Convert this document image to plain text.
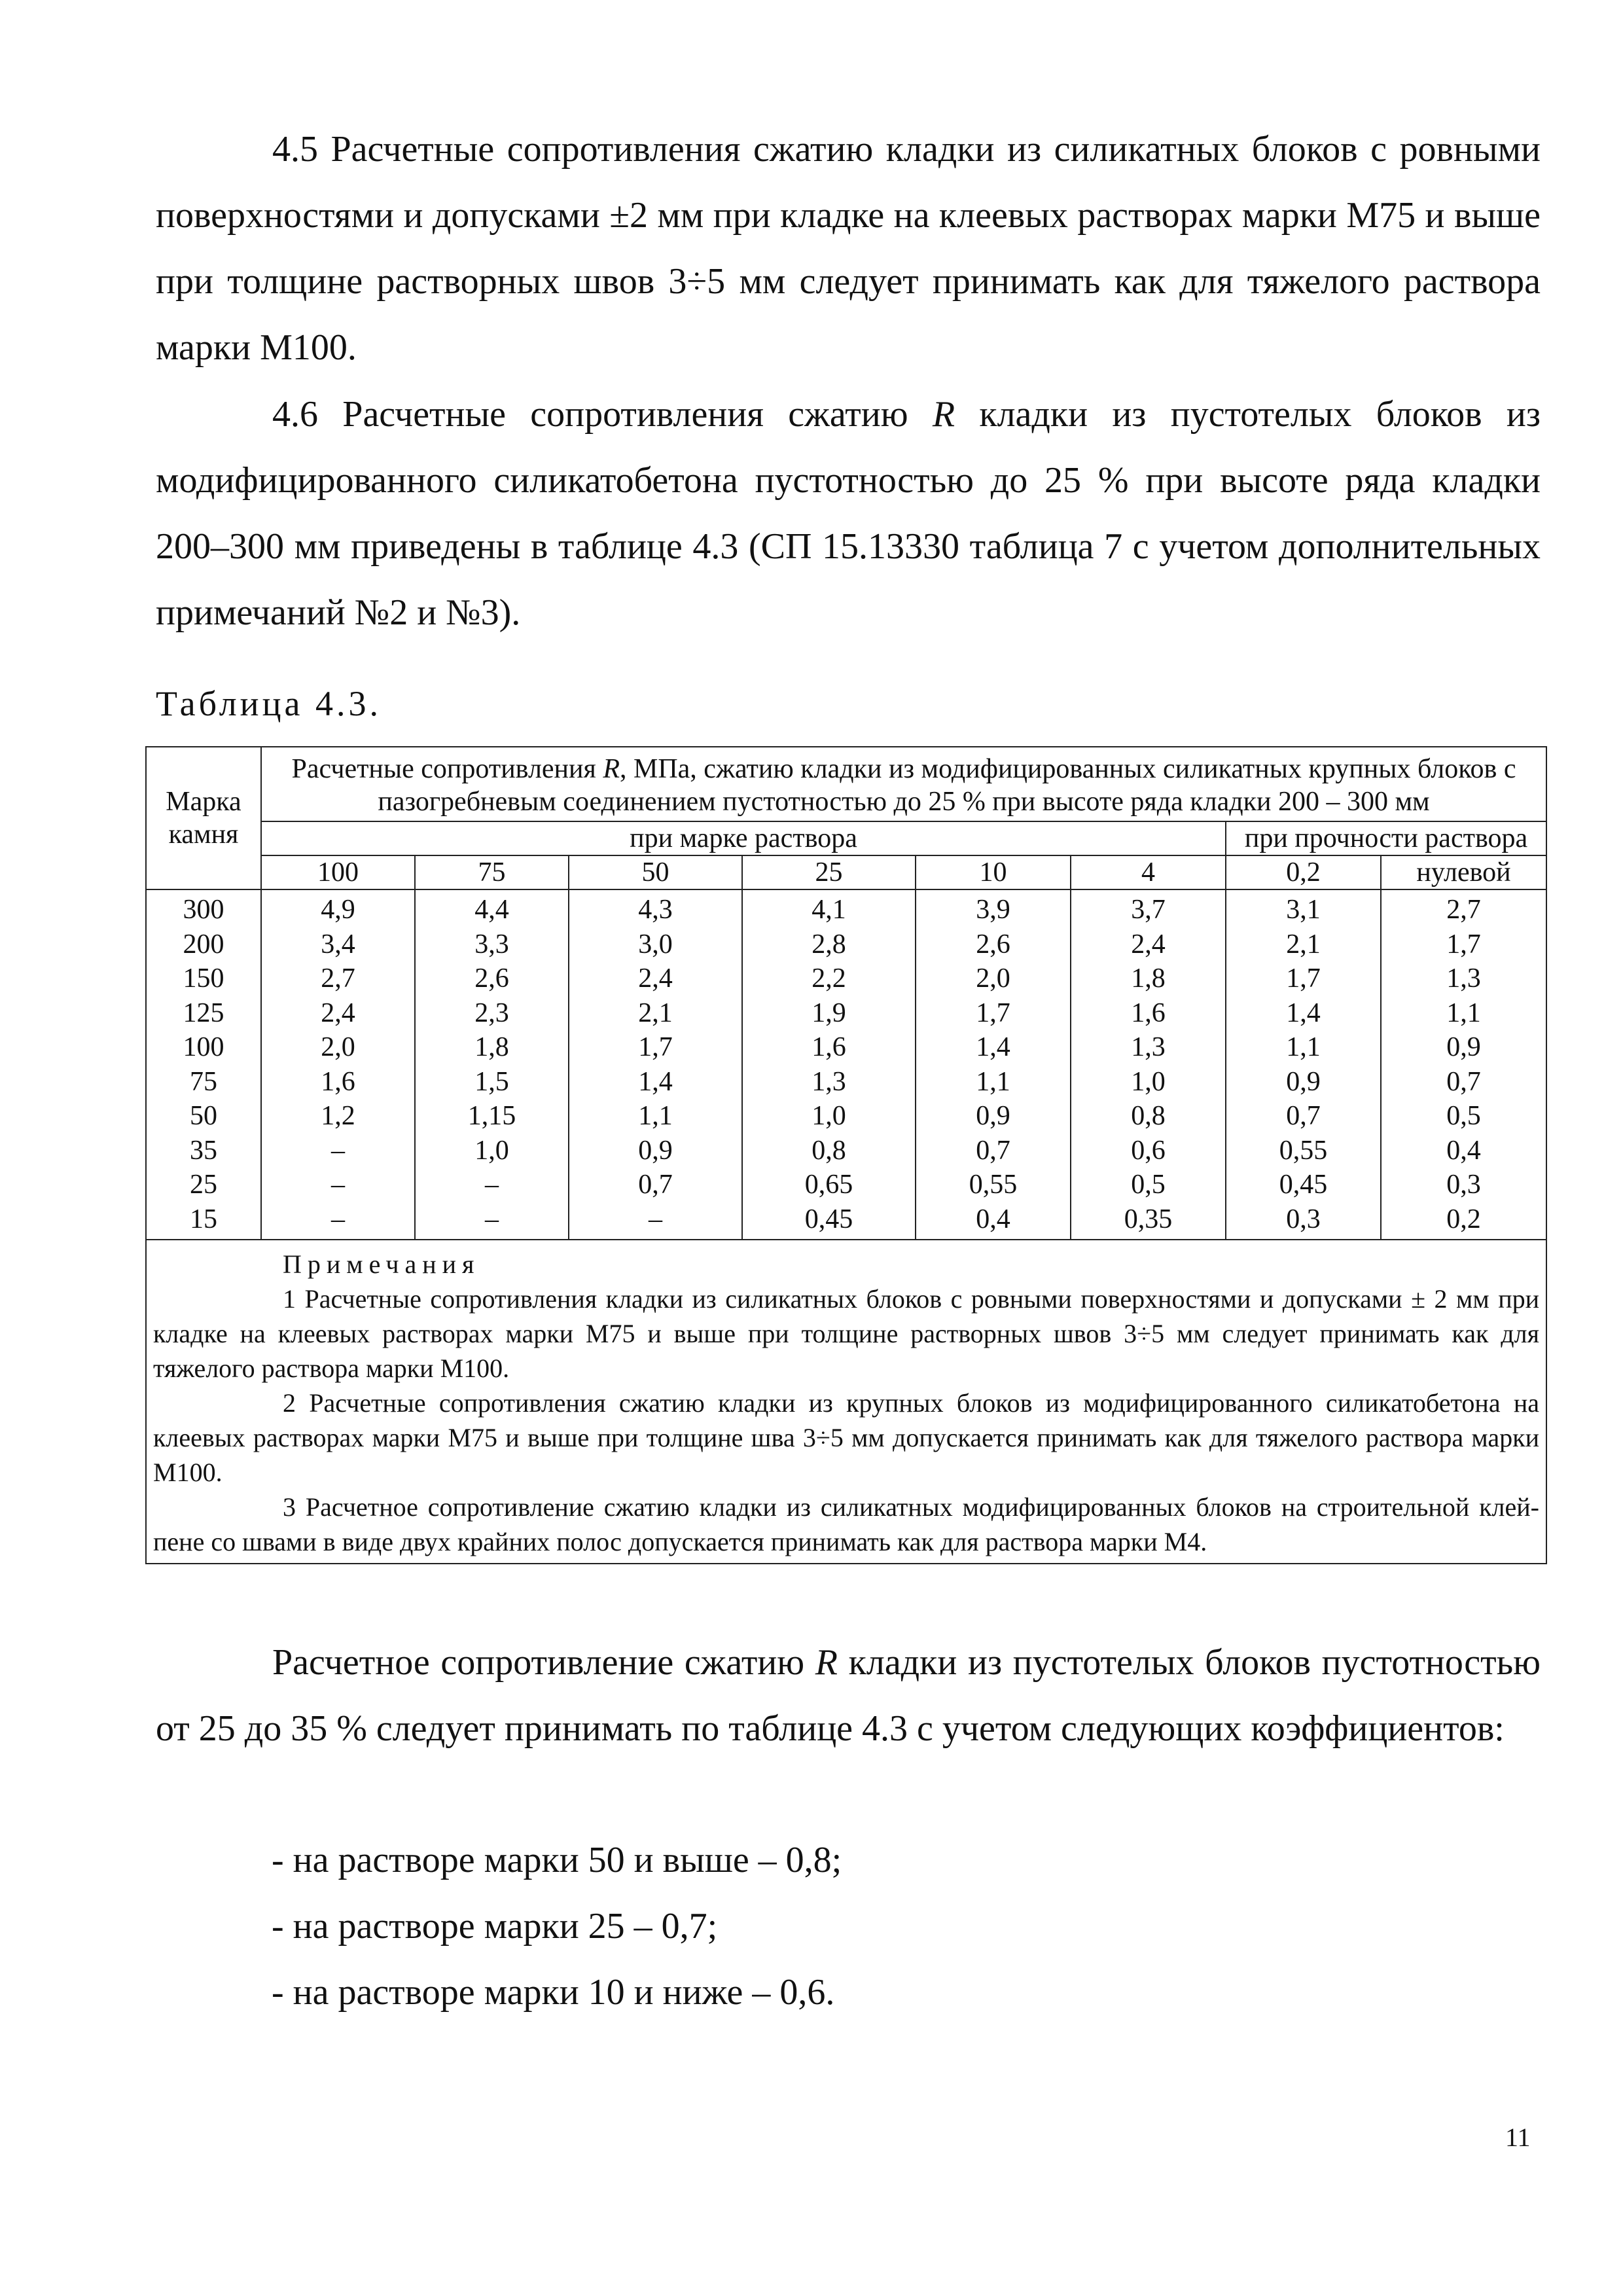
4.5 Расчетные сопротивления сжатию кладки из силикатных блоков с ровными поверхностями и допусками ±2 мм при кладке на клеевых растворах марки М75 и выше при толщине растворных швов 3÷5 мм следует принимать как для тяжелого раствора марки М100.

4.6 Расчетные сопротивления сжатию R кладки из пустотелых блоков из модифицированного силикатобетона пустотностью до 25 % при высоте ряда кладки 200–300 мм приведены в таблице 4.3 (СП 15.13330 таблица 7 с учетом дополнительных примечаний №2 и №3).

Таблица 4.3.

Марка камня	Расчетные сопротивления R, МПа, сжатию кладки из модифицированных силикатных крупных блоков с пазогребневым соединением пустотностью до 25 % при высоте ряда кладки 200 – 300 мм							
	при марке раствора						при прочности раствора	
	100	75	50	25	10	4	0,2	нулевой
300	4,9	4,4	4,3	4,1	3,9	3,7	3,1	2,7
200	3,4	3,3	3,0	2,8	2,6	2,4	2,1	1,7
150	2,7	2,6	2,4	2,2	2,0	1,8	1,7	1,3
125	2,4	2,3	2,1	1,9	1,7	1,6	1,4	1,1
100	2,0	1,8	1,7	1,6	1,4	1,3	1,1	0,9
75	1,6	1,5	1,4	1,3	1,1	1,0	0,9	0,7
50	1,2	1,15	1,1	1,0	0,9	0,8	0,7	0,5
35	–	1,0	0,9	0,8	0,7	0,6	0,55	0,4
25	–	–	0,7	0,65	0,55	0,5	0,45	0,3
15	–	–	–	0,45	0,4	0,35	0,3	0,2

Примечания

1 Расчетные сопротивления кладки из силикатных блоков с ровными поверхностями и допусками ± 2 мм при кладке на клеевых растворах марки М75 и выше при толщине растворных швов 3÷5 мм следует принимать как для тяжелого раствора марки М100.

2 Расчетные сопротивления сжатию кладки из крупных блоков из модифицированного силикатобетона на клеевых растворах марки М75 и выше при толщине шва 3÷5 мм допускается принимать как для тяжелого раствора марки М100.

3 Расчетное сопротивление сжатию кладки из силикатных модифицированных блоков на строительной клей-пене со швами в виде двух крайних полос допускается принимать как для раствора марки М4.								

Расчетное сопротивление сжатию R кладки из пустотелых блоков пустотностью от 25 до 35 % следует принимать по таблице 4.3 с учетом следующих коэффициентов:

- на растворе марки 50 и выше – 0,8;

- на растворе марки 25 – 0,7;

- на растворе марки 10 и ниже – 0,6.

11
